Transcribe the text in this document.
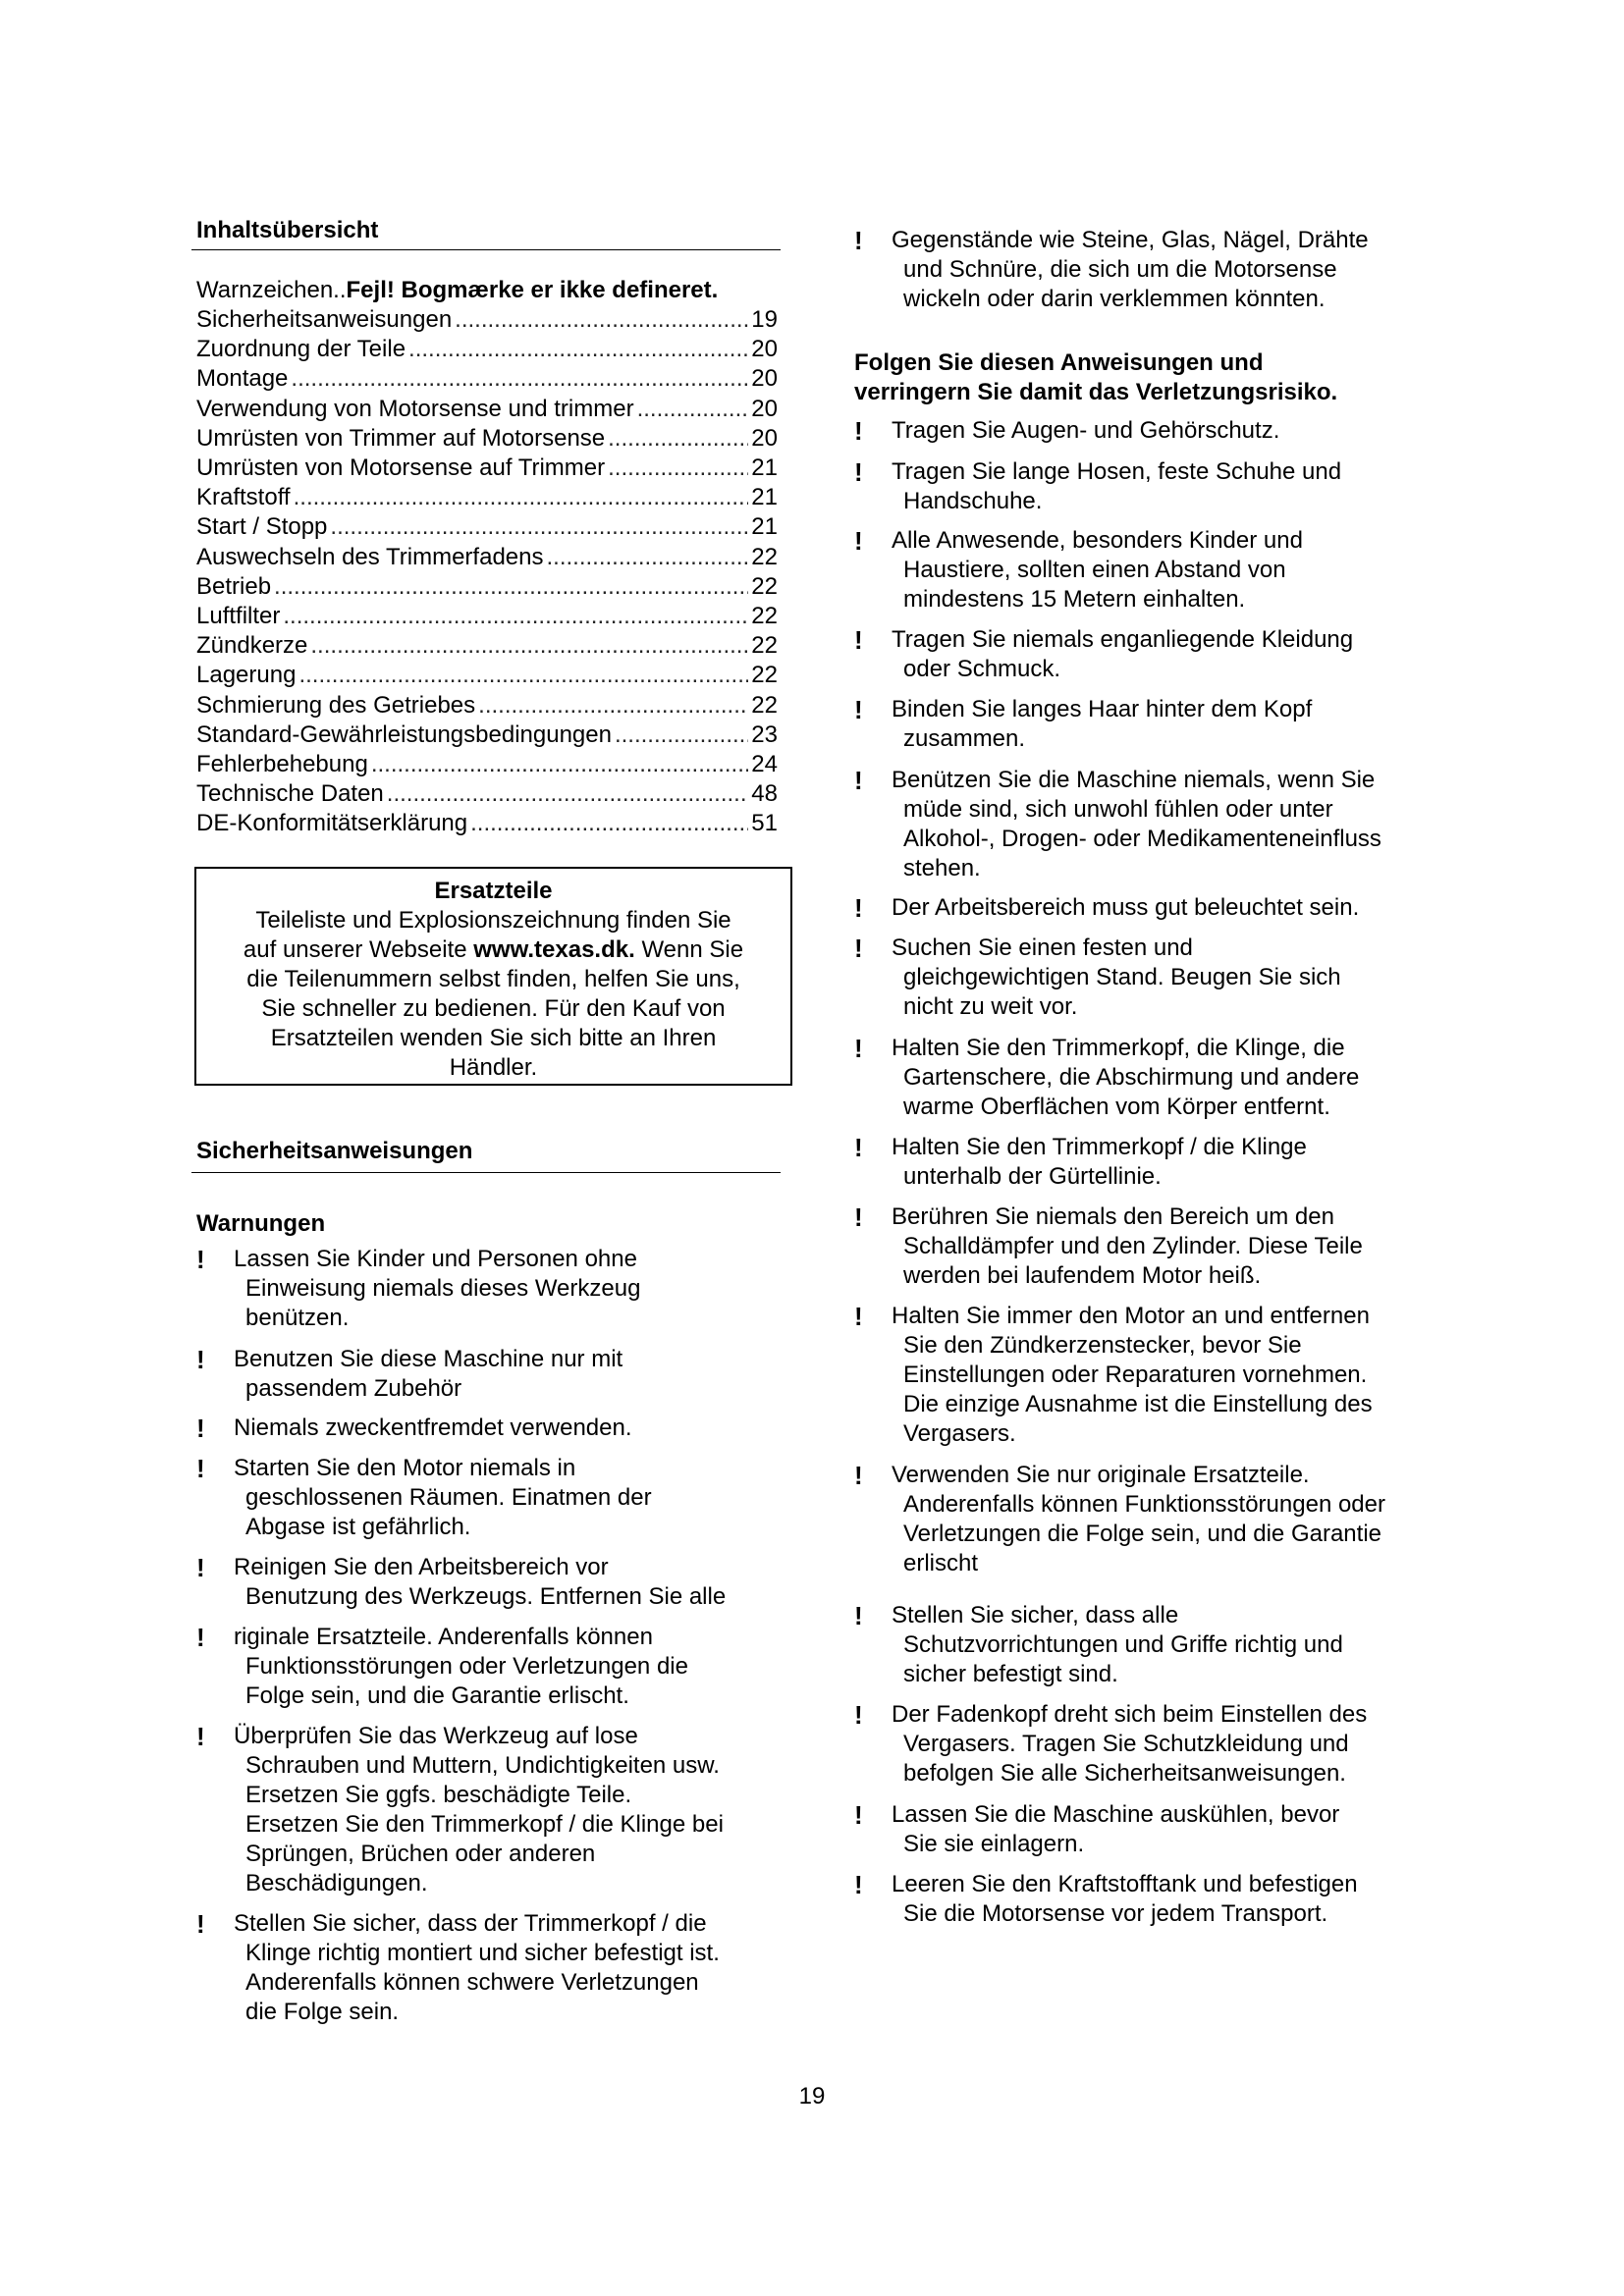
Inhaltsübersicht
Warnzeichen.. Fejl! Bogmærke er ikke defineret.
Sicherheitsanweisungen .....	19
Zuordnung der Teile .....	20
Montage .....	20
Verwendung von Motorsense und trimmer .....	20
Umrüsten von Trimmer auf Motorsense .....	20
Umrüsten von Motorsense auf Trimmer .....	21
Kraftstoff .....	21
Start / Stopp .....	21
Auswechseln des Trimmerfadens .....	22
Betrieb .....	22
Luftfilter .....	22
Zündkerze .....	22
Lagerung .....	22
Schmierung des Getriebes .....	22
Standard-Gewährleistungsbedingungen .....	23
Fehlerbehebung .....	24
Technische Daten .....	48
DE-Konformitätserklärung .....	51
Ersatzteile
Teileliste und Explosionszeichnung finden Sie
auf unserer Webseite www.texas.dk. Wenn Sie
die Teilenummern selbst finden, helfen Sie uns,
Sie schneller zu bedienen. Für den Kauf von
Ersatzteilen wenden Sie sich bitte an Ihren
Händler.
Sicherheitsanweisungen
Warnungen
!	Lassen Sie Kinder und Personen ohne
Einweisung niemals dieses Werkzeug
benützen.
!	Benutzen Sie diese Maschine nur mit
passendem Zubehör
!	Niemals zweckentfremdet verwenden.
!	Starten Sie den Motor niemals in
geschlossenen Räumen. Einatmen der
Abgase ist gefährlich.
!	Reinigen Sie den Arbeitsbereich vor
Benutzung des Werkzeugs. Entfernen Sie alle
!	riginale Ersatzteile. Anderenfalls können
Funktionsstörungen oder Verletzungen die
Folge sein, und die Garantie erlischt.
!	Überprüfen Sie das Werkzeug auf lose
Schrauben und Muttern, Undichtigkeiten usw.
Ersetzen Sie ggfs. beschädigte Teile.
Ersetzen Sie den Trimmerkopf / die Klinge bei
Sprüngen, Brüchen oder anderen
Beschädigungen.
!	Stellen Sie sicher, dass der Trimmerkopf / die
Klinge richtig montiert und sicher befestigt ist.
Anderenfalls können schwere Verletzungen
die Folge sein.
!	Gegenstände wie Steine, Glas, Nägel, Drähte
und Schnüre, die sich um die Motorsense
wickeln oder darin verklemmen könnten.
Folgen Sie diesen Anweisungen und
verringern Sie damit das Verletzungsrisiko.
!	Tragen Sie Augen- und Gehörschutz.
!	Tragen Sie lange Hosen, feste Schuhe und
Handschuhe.
!	Alle Anwesende, besonders Kinder und
Haustiere, sollten einen Abstand von
mindestens 15 Metern einhalten.
!	Tragen Sie niemals enganliegende Kleidung
oder Schmuck.
!	Binden Sie langes Haar hinter dem Kopf
zusammen.
!	Benützen Sie die Maschine niemals, wenn Sie
müde sind, sich unwohl fühlen oder unter
Alkohol-, Drogen- oder Medikamenteneinfluss
stehen.
!	Der Arbeitsbereich muss gut beleuchtet sein.
!	Suchen Sie einen festen und
gleichgewichtigen Stand. Beugen Sie sich
nicht zu weit vor.
!	Halten Sie den Trimmerkopf, die Klinge, die
Gartenschere, die Abschirmung und andere
warme Oberflächen vom Körper entfernt.
!	Halten Sie den Trimmerkopf / die Klinge
unterhalb der Gürtellinie.
!	Berühren Sie niemals den Bereich um den
Schalldämpfer und den Zylinder. Diese Teile
werden bei laufendem Motor heiß.
!	Halten Sie immer den Motor an und entfernen
Sie den Zündkerzenstecker, bevor Sie
Einstellungen oder Reparaturen vornehmen.
Die einzige Ausnahme ist die Einstellung des
Vergasers.
!	Verwenden Sie nur originale Ersatzteile.
Anderenfalls können Funktionsstörungen oder
Verletzungen die Folge sein, und die Garantie
erlischt
!	Stellen Sie sicher, dass alle
Schutzvorrichtungen und Griffe richtig und
sicher befestigt sind.
!	Der Fadenkopf dreht sich beim Einstellen des
Vergasers. Tragen Sie Schutzkleidung und
befolgen Sie alle Sicherheitsanweisungen.
!	Lassen Sie die Maschine auskühlen, bevor
Sie sie einlagern.
!	Leeren Sie den Kraftstofftank und befestigen
Sie die Motorsense vor jedem Transport.
19
